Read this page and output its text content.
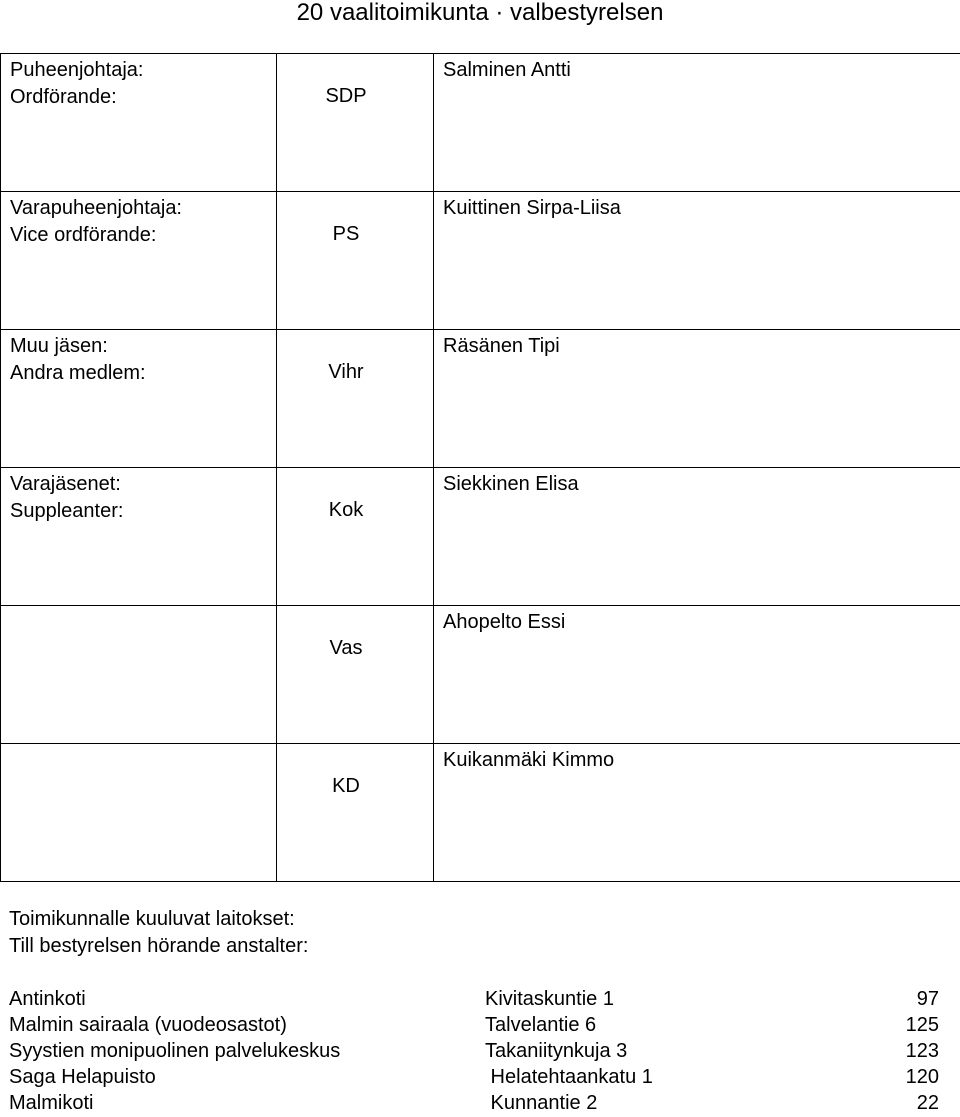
20 vaalitoimikunta · valbestyrelsen
Puheenjohtaja:
Ordförande:	SDP	Salminen Antti

Varapuheenjohtaja:
Vice ordförande:	PS	Kuittinen Sirpa-Liisa

Muu jäsen:
Andra medlem:	Vihr	Räsänen Tipi

Varajäsenet:
Suppleanter:	Kok	Siekkinen Elisa

	Vas	Ahopelto Essi

	KD	Kuikanmäki Kimmo
Toimikunnalle kuuluvat laitokset:
Till bestyrelsen hörande anstalter:
Antinkoti	Kivitaskuntie 1	97
Malmin sairaala (vuodeosastot)	Talvelantie 6	125
Syystien monipuolinen palvelukeskus	Takaniitynkuja 3	123
Saga Helapuisto	Helatehtaankatu 1	120
Malmikoti	Kunnantie 2	22
